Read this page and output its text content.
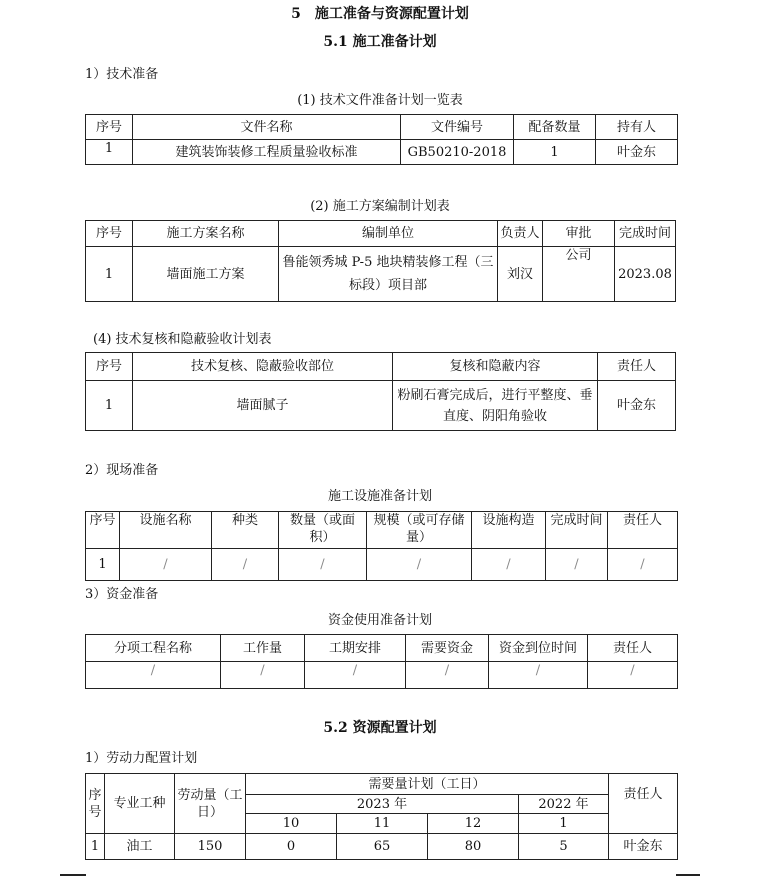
5　施工准备与资源配置计划
5.1 施工准备计划
1）技术准备
(1) 技术文件准备计划一览表
序号	文件名称	文件编号	配备数量	持有人
1	建筑装饰装修工程质量验收标准	GB50210-2018	1	叶金东
(2) 施工方案编制计划表
序号	施工方案名称	编制单位	负责人	审批	完成时间
1	墙面施工方案	鲁能领秀城 P-5 地块精装修工程（三标段）项目部	刘汉	公司	2023.08
(4) 技术复核和隐蔽验收计划表
序号	技术复核、隐蔽验收部位	复核和隐蔽内容	责任人
1	墙面腻子	粉刷石膏完成后，进行平整度、垂直度、阴阳角验收	叶金东
2）现场准备
施工设施准备计划
序号	设施名称	种类	数量（或面积）	规模（或可存储量）	设施构造	完成时间	责任人
1	/	/	/	/	/	/	/
3）资金准备
资金使用准备计划
分项工程名称	工作量	工期安排	需要资金	资金到位时间	责任人
/	/	/	/	/	/
5.2 资源配置计划
1）劳动力配置计划
序号	专业工种	劳动量（工日）	需要量计划（工日）				责任人
			2023 年			2022 年	
			10	11	12	1	
1	油工	150	0	65	80	5	叶金东
